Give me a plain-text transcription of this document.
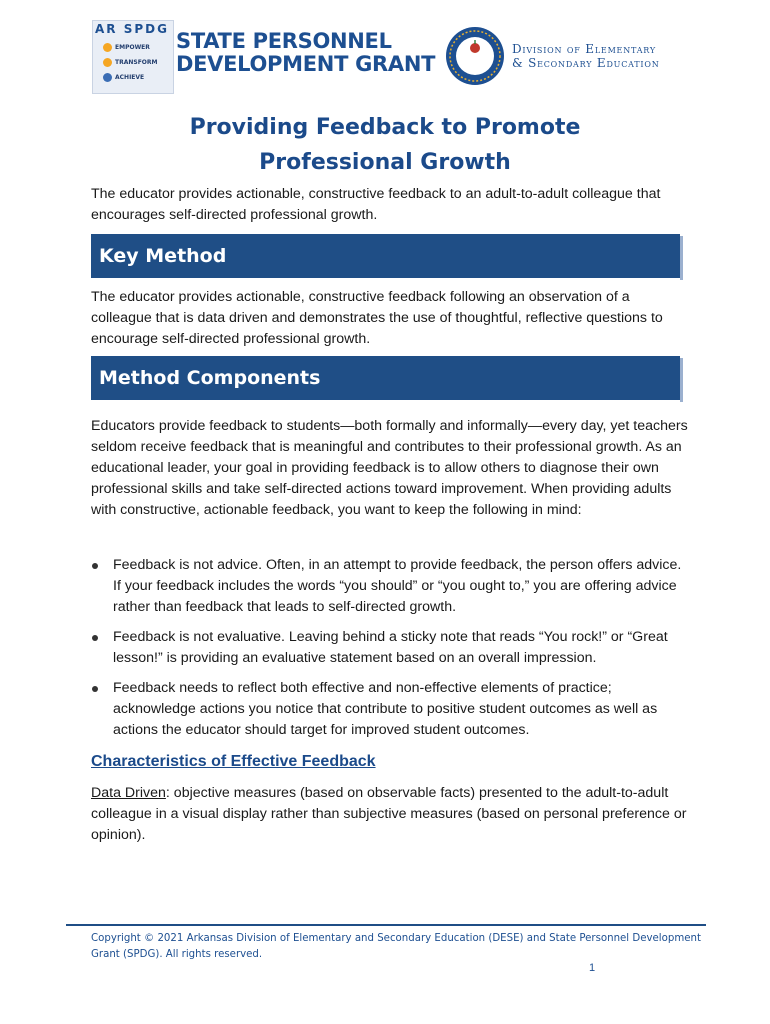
AR SPDG
EMPOWER
TRANSFORM
ACHIEVE
STATE PERSONNEL
DEVELOPMENT GRANT
Division of Elementary
& Secondary Education
Providing Feedback to Promote
Professional Growth
The educator provides actionable, constructive feedback to an adult-to-adult colleague that encourages self-directed professional growth.
Key Method
The educator provides actionable, constructive feedback following an observation of a colleague that is data driven and demonstrates the use of thoughtful, reflective questions to encourage self-directed professional growth.
Method Components
Educators provide feedback to students—both formally and informally—every day, yet teachers seldom receive feedback that is meaningful and contributes to their professional growth. As an educational leader, your goal in providing feedback is to allow others to diagnose their own professional skills and take self-directed actions toward improvement. When providing adults with constructive, actionable feedback, you want to keep the following in mind:
Feedback is not advice. Often, in an attempt to provide feedback, the person offers advice. If your feedback includes the words “you should” or “you ought to,” you are offering advice rather than feedback that leads to self-directed growth.
Feedback is not evaluative. Leaving behind a sticky note that reads “You rock!” or “Great lesson!” is providing an evaluative statement based on an overall impression.
Feedback needs to reflect both effective and non-effective elements of practice; acknowledge actions you notice that contribute to positive student outcomes as well as actions the educator should target for improved student outcomes.
Characteristics of Effective Feedback
Data Driven: objective measures (based on observable facts) presented to the adult-to-adult colleague in a visual display rather than subjective measures (based on personal preference or opinion).
Copyright © 2021 Arkansas Division of Elementary and Secondary Education (DESE) and State Personnel Development Grant (SPDG). All rights reserved.
1
